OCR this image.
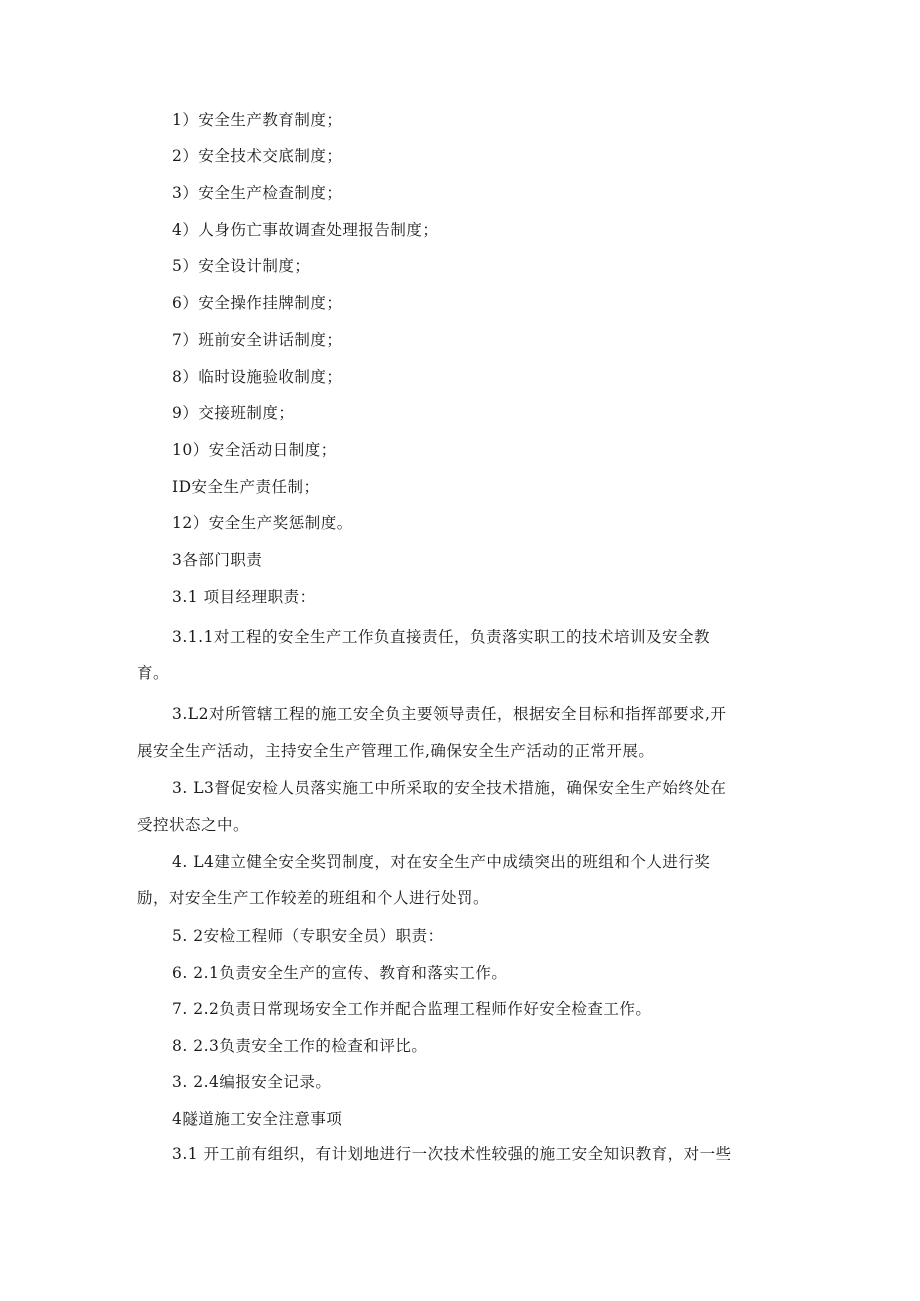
1）安全生产教育制度；
2）安全技术交底制度；
3）安全生产检查制度；
4）人身伤亡事故调查处理报告制度；
5）安全设计制度；
6）安全操作挂牌制度；
7）班前安全讲话制度；
8）临时设施验收制度；
9）交接班制度；
10）安全活动日制度；
ID安全生产责任制；
12）安全生产奖惩制度。
3各部门职责
3.1 项目经理职责：
3.1.1对工程的安全生产工作负直接责任，负责落实职工的技术培训及安全教
育。
3.L2对所管辖工程的施工安全负主要领导责任，根据安全目标和指挥部要求,开
展安全生产活动，主持安全生产管理工作,确保安全生产活动的正常开展。
3. L3督促安检人员落实施工中所采取的安全技术措施，确保安全生产始终处在
受控状态之中。
4. L4建立健全安全奖罚制度，对在安全生产中成绩突出的班组和个人进行奖
励，对安全生产工作较差的班组和个人进行处罚。
5. 2安检工程师（专职安全员）职责：
6. 2.1负责安全生产的宣传、教育和落实工作。
7. 2.2负责日常现场安全工作并配合监理工程师作好安全检查工作。
8. 2.3负责安全工作的检查和评比。
3. 2.4编报安全记录。
4隧道施工安全注意事项
3.1 开工前有组织，有计划地进行一次技术性较强的施工安全知识教育，对一些
